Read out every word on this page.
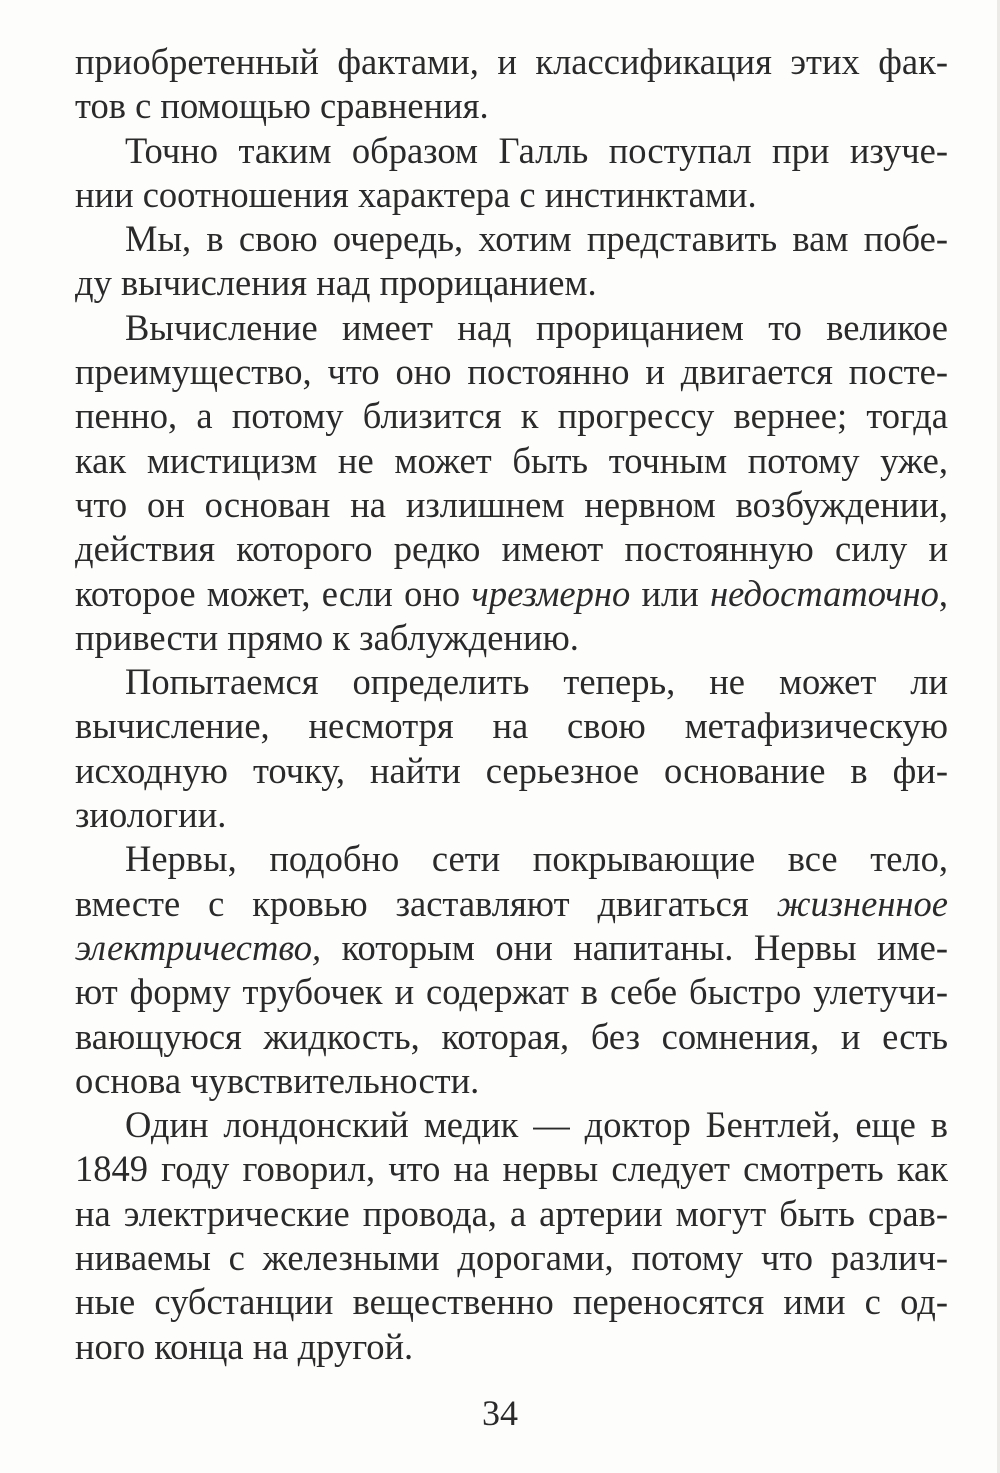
приобретенный фактами, и классификация этих фак-
тов с помощью сравнения.
Точно таким образом Галль поступал при изуче-
нии соотношения характера с инстинктами.
Мы, в свою очередь, хотим представить вам побе-
ду вычисления над прорицанием.
Вычисление имеет над прорицанием то великое
преимущество, что оно постоянно и двигается посте-
пенно, а потому близится к прогрессу вернее; тогда
как мистицизм не может быть точным потому уже,
что он основан на излишнем нервном возбуждении,
действия которого редко имеют постоянную силу и
которое может, если оно чрезмерно или недостаточно,
привести прямо к заблуждению.
Попытаемся определить теперь, не может ли
вычисление, несмотря на свою метафизическую
исходную точку, найти серьезное основание в фи-
зиологии.
Нервы, подобно сети покрывающие все тело,
вместе с кровью заставляют двигаться жизненное
электричество, которым они напитаны. Нервы име-
ют форму трубочек и содержат в себе быстро улетучи-
вающуюся жидкость, которая, без сомнения, и есть
основа чувствительности.
Один лондонский медик — доктор Бентлей, еще в
1849 году говорил, что на нервы следует смотреть как
на электрические провода, а артерии могут быть срав-
ниваемы с железными дорогами, потому что различ-
ные субстанции вещественно переносятся ими с од-
ного конца на другой.
34
